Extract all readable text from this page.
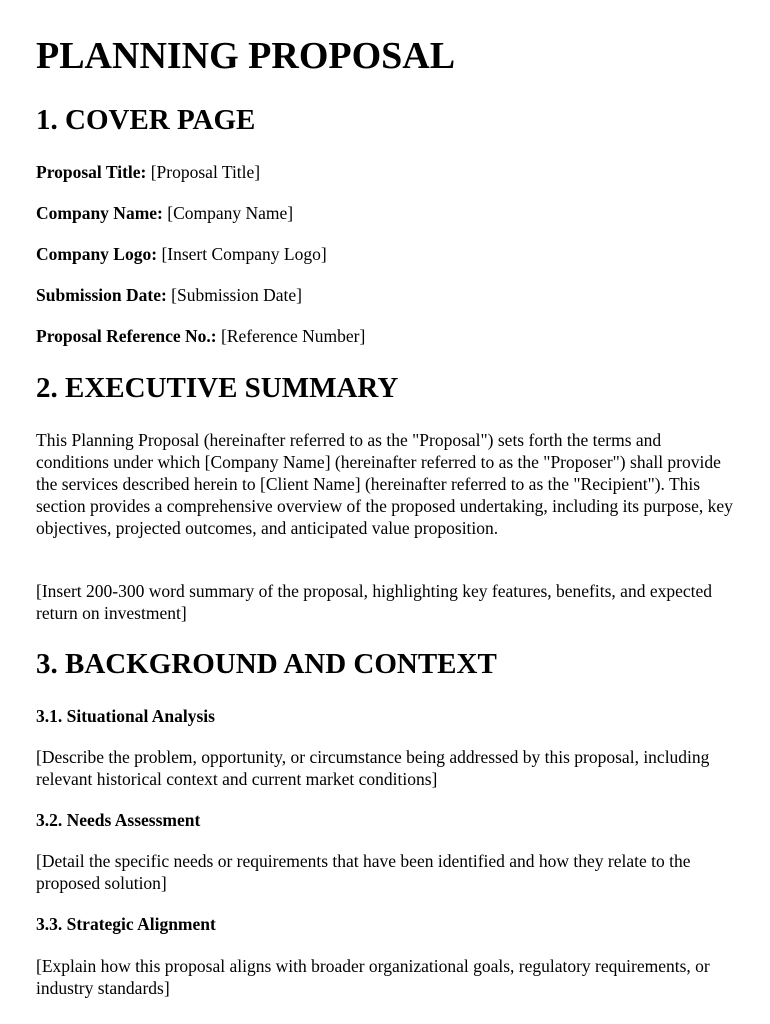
PLANNING PROPOSAL
1. COVER PAGE

Proposal Title: [Proposal Title]

Company Name: [Company Name]

Company Logo: [Insert Company Logo]

Submission Date: [Submission Date]

Proposal Reference No.: [Reference Number]

2. EXECUTIVE SUMMARY

This Planning Proposal (hereinafter referred to as the "Proposal") sets forth the terms and conditions under which [Company Name] (hereinafter referred to as the "Proposer") shall provide the services described herein to [Client Name] (hereinafter referred to as the "Recipient"). This section provides a comprehensive overview of the proposed undertaking, including its purpose, key objectives, projected outcomes, and anticipated value proposition.

[Insert 200-300 word summary of the proposal, highlighting key features, benefits, and expected return on investment]

3. BACKGROUND AND CONTEXT
3.1. Situational Analysis

[Describe the problem, opportunity, or circumstance being addressed by this proposal, including relevant historical context and current market conditions]

3.2. Needs Assessment

[Detail the specific needs or requirements that have been identified and how they relate to the proposed solution]

3.3. Strategic Alignment

[Explain how this proposal aligns with broader organizational goals, regulatory requirements, or industry standards]
